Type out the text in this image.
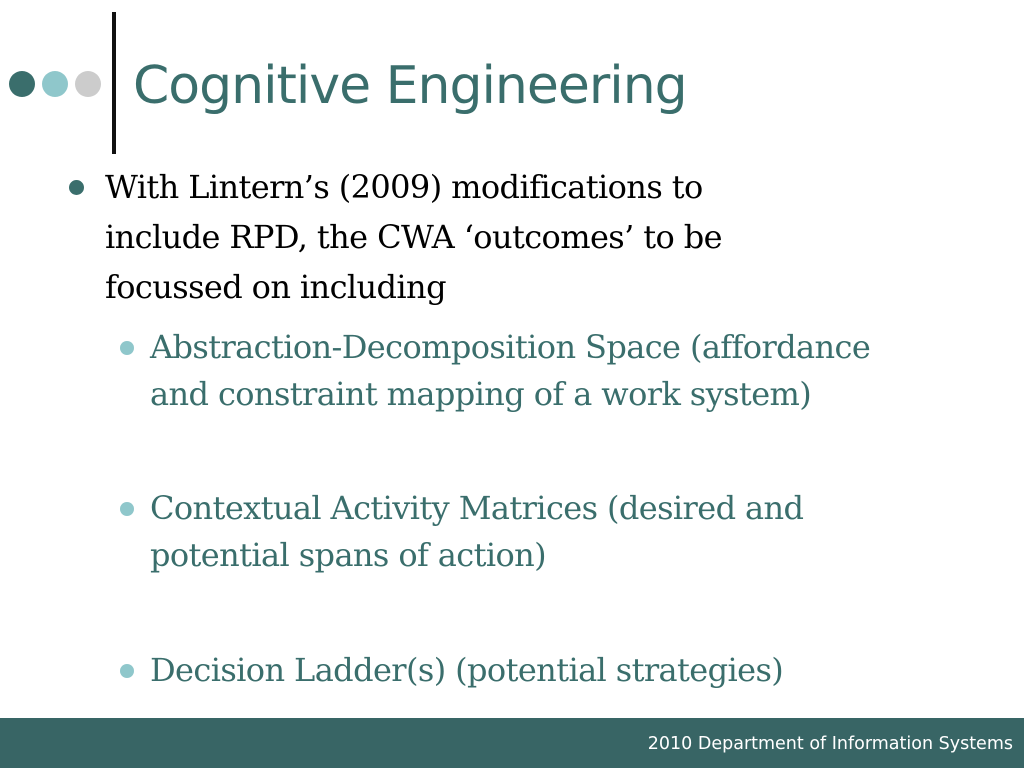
Cognitive Engineering
With Lintern’s (2009) modifications to
include RPD, the CWA ‘outcomes’ to be
focussed on including
Abstraction-Decomposition Space (affordance
and constraint mapping of a work system)
Contextual Activity Matrices (desired and
potential spans of action)
Decision Ladder(s) (potential strategies)
2010 Department of Information Systems
